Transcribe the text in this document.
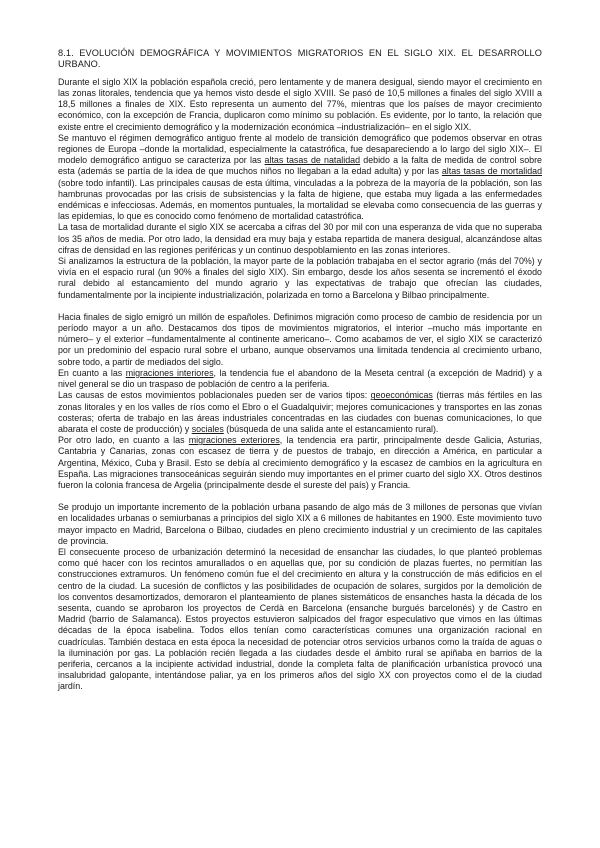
8.1. EVOLUCIÓN DEMOGRÁFICA Y MOVIMIENTOS MIGRATORIOS EN EL SIGLO XIX. EL DESARROLLO URBANO.

Durante el siglo XIX la población española creció, pero lentamente y de manera desigual, siendo mayor el crecimiento en las zonas litorales, tendencia que ya hemos visto desde el siglo XVIII. Se pasó de 10,5 millones a finales del siglo XVIII a 18,5 millones a finales de XIX. Esto representa un aumento del 77%, mientras que los países de mayor crecimiento económico, con la excepción de Francia, duplicaron como mínimo su población. Es evidente, por lo tanto, la relación que existe entre el crecimiento demográfico y la modernización económica –industrialización– en el siglo XIX.

Se mantuvo el régimen demográfico antiguo frente al modelo de transición demográfico que podemos observar en otras regiones de Europa –donde la mortalidad, especialmente la catastrófica, fue desapareciendo a lo largo del siglo XIX–. El modelo demográfico antiguo se caracteriza por las altas tasas de natalidad debido a la falta de medida de control sobre esta (además se partía de la idea de que muchos niños no llegaban a la edad adulta) y por las altas tasas de mortalidad (sobre todo infantil). Las principales causas de esta última, vinculadas a la pobreza de la mayoría de la población, son las hambrunas provocadas por las crisis de subsistencias y la falta de higiene, que estaba muy ligada a las enfermedades endémicas e infecciosas. Además, en momentos puntuales, la mortalidad se elevaba como consecuencia de las guerras y las epidemias, lo que es conocido como fenómeno de mortalidad catastrófica.

La tasa de mortalidad durante el siglo XIX se acercaba a cifras del 30 por mil con una esperanza de vida que no superaba los 35 años de media. Por otro lado, la densidad era muy baja y estaba repartida de manera desigual, alcanzándose altas cifras de densidad en las regiones periféricas y un continuo despoblamiento en las zonas interiores.

Si analizamos la estructura de la población, la mayor parte de la población trabajaba en el sector agrario (más del 70%) y vivía en el espacio rural (un 90% a finales del siglo XIX). Sin embargo, desde los años sesenta se incrementó el éxodo rural debido al estancamiento del mundo agrario y las expectativas de trabajo que ofrecían las ciudades, fundamentalmente por la incipiente industrialización, polarizada en torno a Barcelona y Bilbao principalmente.

Hacia finales de siglo emigró un millón de españoles. Definimos migración como proceso de cambio de residencia por un período mayor a un año. Destacamos dos tipos de movimientos migratorios, el interior –mucho más importante en número– y el exterior –fundamentalmente al continente americano–. Como acabamos de ver, el siglo XIX se caracterizó por un predominio del espacio rural sobre el urbano, aunque observamos una limitada tendencia al crecimiento urbano, sobre todo, a partir de mediados del siglo.

En cuanto a las migraciones interiores, la tendencia fue el abandono de la Meseta central (a excepción de Madrid) y a nivel general se dio un traspaso de población de centro a la periferia.

Las causas de estos movimientos poblacionales pueden ser de varios tipos: geoeconómicas (tierras más fértiles en las zonas litorales y en los valles de ríos como el Ebro o el Guadalquivir; mejores comunicaciones y transportes en las zonas costeras; oferta de trabajo en las áreas industriales concentradas en las ciudades con buenas comunicaciones, lo que abarata el coste de producción) y sociales (búsqueda de una salida ante el estancamiento rural).

Por otro lado, en cuanto a las migraciones exteriores, la tendencia era partir, principalmente desde Galicia, Asturias, Cantabria y Canarias, zonas con escasez de tierra y de puestos de trabajo, en dirección a América, en particular a Argentina, México, Cuba y Brasil. Esto se debía al crecimiento demográfico y la escasez de cambios en la agricultura en España. Las migraciones transoceánicas seguirán siendo muy importantes en el primer cuarto del siglo XX. Otros destinos fueron la colonia francesa de Argelia (principalmente desde el sureste del país) y Francia.

Se produjo un importante incremento de la población urbana pasando de algo más de 3 millones de personas que vivían en localidades urbanas o semiurbanas a principios del siglo XIX a 6 millones de habitantes en 1900. Este movimiento tuvo mayor impacto en Madrid, Barcelona o Bilbao, ciudades en pleno crecimiento industrial y un crecimiento de las capitales de provincia.

El consecuente proceso de urbanización determinó la necesidad de ensanchar las ciudades, lo que planteó problemas como qué hacer con los recintos amurallados o en aquellas que, por su condición de plazas fuertes, no permitían las construcciones extramuros. Un fenómeno común fue el del crecimiento en altura y la construcción de más edificios en el centro de la ciudad. La sucesión de conflictos y las posibilidades de ocupación de solares, surgidos por la demolición de los conventos desamortizados, demoraron el planteamiento de planes sistemáticos de ensanches hasta la década de los sesenta, cuando se aprobaron los proyectos de Cerdà en Barcelona (ensanche burgués barcelonés) y de Castro en Madrid (barrio de Salamanca). Estos proyectos estuvieron salpicados del fragor especulativo que vimos en las últimas décadas de la época isabelina. Todos ellos tenían como características comunes una organización racional en cuadrículas. También destaca en esta época la necesidad de potenciar otros servicios urbanos como la traída de aguas o la iluminación por gas. La población recién llegada a las ciudades desde el ámbito rural se apiñaba en barrios de la periferia, cercanos a la incipiente actividad industrial, donde la completa falta de planificación urbanística provocó una insalubridad galopante, intentándose paliar, ya en los primeros años del siglo XX con proyectos como el de la ciudad jardín.
